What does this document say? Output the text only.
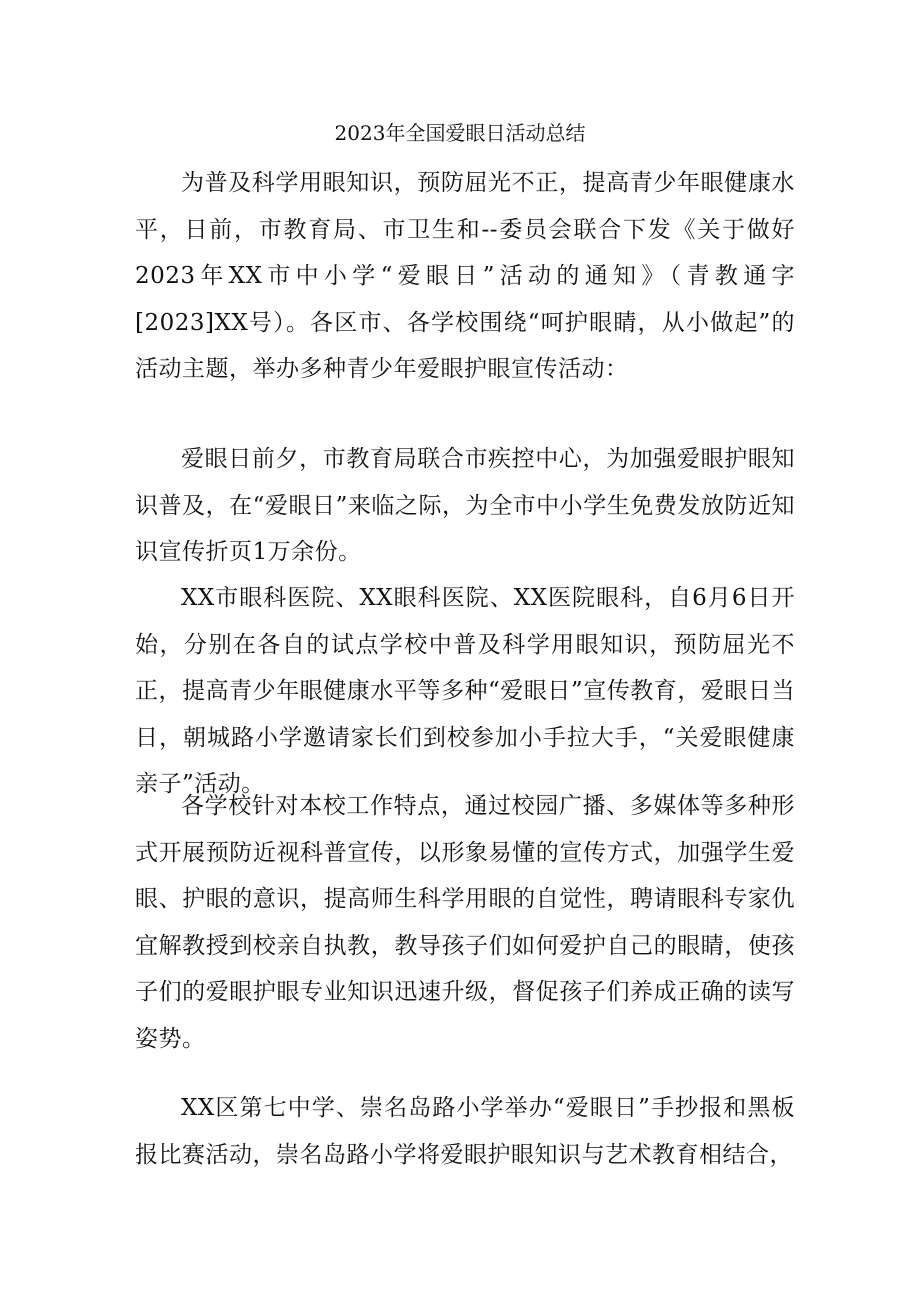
2023年全国爱眼日活动总结

为普及科学用眼知识，预防屈光不正，提高青少年眼健康水平，日前，市教育局、市卫生和--委员会联合下发《关于做好2023年XX市中小学“爱眼日”活动的通知》（青教通字[2023]XX号）。各区市、各学校围绕“呵护眼睛，从小做起”的活动主题，举办多种青少年爱眼护眼宣传活动：

爱眼日前夕，市教育局联合市疾控中心，为加强爱眼护眼知识普及，在“爱眼日”来临之际，为全市中小学生免费发放防近知识宣传折页1万余份。

XX市眼科医院、XX眼科医院、XX医院眼科，自6月6日开始，分别在各自的试点学校中普及科学用眼知识，预防屈光不正，提高青少年眼健康水平等多种“爱眼日”宣传教育，爱眼日当日，朝城路小学邀请家长们到校参加小手拉大手，“关爱眼健康亲子”活动。

各学校针对本校工作特点，通过校园广播、多媒体等多种形式开展预防近视科普宣传，以形象易懂的宣传方式，加强学生爱眼、护眼的意识，提高师生科学用眼的自觉性，聘请眼科专家仇宜解教授到校亲自执教，教导孩子们如何爱护自己的眼睛，使孩子们的爱眼护眼专业知识迅速升级，督促孩子们养成正确的读写姿势。

XX区第七中学、崇名岛路小学举办“爱眼日”手抄报和黑板报比赛活动，崇名岛路小学将爱眼护眼知识与艺术教育相结合，
